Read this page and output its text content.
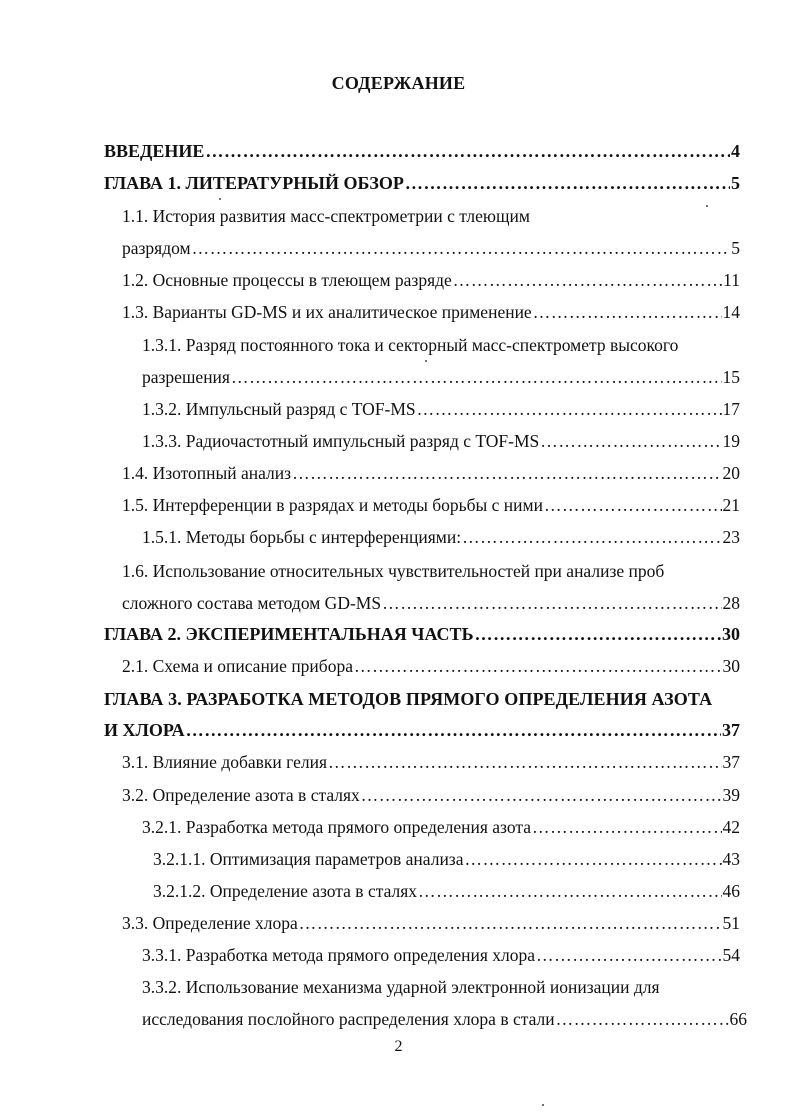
СОДЕРЖАНИЕ
ВВЕДЕНИЕ ………………………………………………………………………………………………………………………………………………………………………………………	4
ГЛАВА 1. ЛИТЕРАТУРНЫЙ ОБЗОР ………………………………………………………………………………………………………………………………………………………………………………………	5
1.1. История развития масс-спектрометрии с тлеющим
разрядом ………………………………………………………………………………………………………………………………………………………………………………………	5
1.2. Основные процессы в тлеющем разряде ………………………………………………………………………………………………………………………………………………………………………………………	11
1.3. Варианты GD-MS и их аналитическое применение ………………………………………………………………………………………………………………………………………………………………………………………	14
1.3.1. Разряд постоянного тока и секторный масс-спектрометр высокого
разрешения ………………………………………………………………………………………………………………………………………………………………………………………	15
1.3.2. Импульсный разряд с TOF-MS ………………………………………………………………………………………………………………………………………………………………………………………	17
1.3.3. Радиочастотный импульсный разряд с TOF-MS ………………………………………………………………………………………………………………………………………………………………………………………	19
1.4. Изотопный анализ ………………………………………………………………………………………………………………………………………………………………………………………	20
1.5. Интерференции в разрядах и методы борьбы с ними ………………………………………………………………………………………………………………………………………………………………………………………	21
1.5.1. Методы борьбы с интерференциями: ………………………………………………………………………………………………………………………………………………………………………………………	23
1.6. Использование относительных чувствительностей при анализе проб
сложного состава методом GD-MS ………………………………………………………………………………………………………………………………………………………………………………………	28
ГЛАВА 2. ЭКСПЕРИМЕНТАЛЬНАЯ ЧАСТЬ ………………………………………………………………………………………………………………………………………………………………………………………	30
2.1. Схема и описание прибора ………………………………………………………………………………………………………………………………………………………………………………………	30
ГЛАВА 3. РАЗРАБОТКА МЕТОДОВ ПРЯМОГО ОПРЕДЕЛЕНИЯ АЗОТА
И ХЛОРА ………………………………………………………………………………………………………………………………………………………………………………………	37
3.1. Влияние добавки гелия ………………………………………………………………………………………………………………………………………………………………………………………	37
3.2. Определение азота в сталях ………………………………………………………………………………………………………………………………………………………………………………………	39
3.2.1. Разработка метода прямого определения азота ………………………………………………………………………………………………………………………………………………………………………………………	42
3.2.1.1. Оптимизация параметров анализа ………………………………………………………………………………………………………………………………………………………………………………………	43
3.2.1.2. Определение азота в сталях ………………………………………………………………………………………………………………………………………………………………………………………	46
3.3. Определение хлора ………………………………………………………………………………………………………………………………………………………………………………………	51
3.3.1. Разработка метода прямого определения хлора ………………………………………………………………………………………………………………………………………………………………………………………	54
3.3.2. Использование механизма ударной электронной ионизации для
исследования послойного распределения хлора в стали ………………………………………………………………………………………………………………………………………………………………………………………	66
2
